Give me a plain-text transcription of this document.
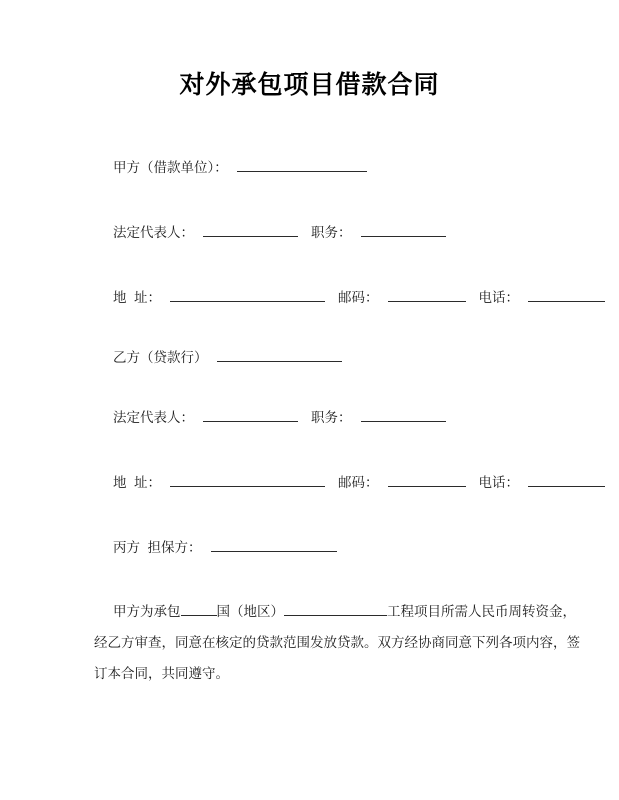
对外承包项目借款合同
甲方（借款单位）：
法定代表人：	职务：
地  址：	邮码：	电话：
乙方（贷款行）
法定代表人：	职务：
地  址：	邮码：	电话：
丙方  担保方：
甲方为承包	国（地区）	工程项目所需人民币周转资金，
经乙方审查，同意在核定的贷款范围发放贷款。双方经协商同意下列各项内容，签
订本合同，共同遵守。
